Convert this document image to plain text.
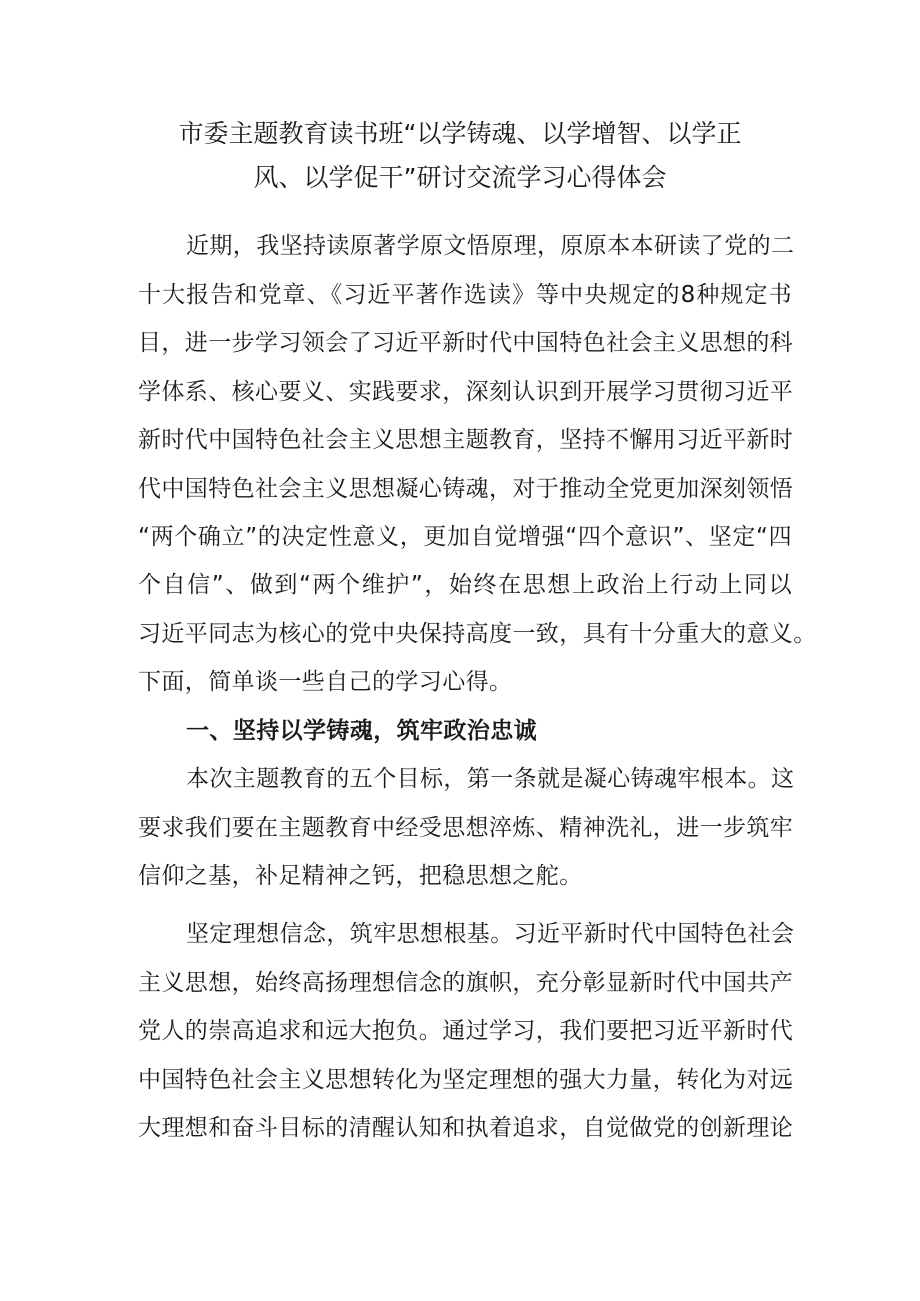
市委主题教育读书班“以学铸魂、以学增智、以学正
风、以学促干”研讨交流学习心得体会
近期，我坚持读原著学原文悟原理，原原本本研读了党的二
十大报告和党章、《习近平著作选读》等中央规定的8种规定书
目，进一步学习领会了习近平新时代中国特色社会主义思想的科
学体系、核心要义、实践要求，深刻认识到开展学习贯彻习近平
新时代中国特色社会主义思想主题教育，坚持不懈用习近平新时
代中国特色社会主义思想凝心铸魂，对于推动全党更加深刻领悟
“两个确立”的决定性意义，更加自觉增强“四个意识”、坚定“四
个自信”、做到“两个维护”，始终在思想上政治上行动上同以
习近平同志为核心的党中央保持高度一致，具有十分重大的意义。
下面，简单谈一些自己的学习心得。
一、坚持以学铸魂，筑牢政治忠诚
本次主题教育的五个目标，第一条就是凝心铸魂牢根本。这
要求我们要在主题教育中经受思想淬炼、精神洗礼，进一步筑牢
信仰之基，补足精神之钙，把稳思想之舵。
坚定理想信念，筑牢思想根基。习近平新时代中国特色社会
主义思想，始终高扬理想信念的旗帜，充分彰显新时代中国共产
党人的崇高追求和远大抱负。通过学习，我们要把习近平新时代
中国特色社会主义思想转化为坚定理想的强大力量，转化为对远
大理想和奋斗目标的清醒认知和执着追求，自觉做党的创新理论
